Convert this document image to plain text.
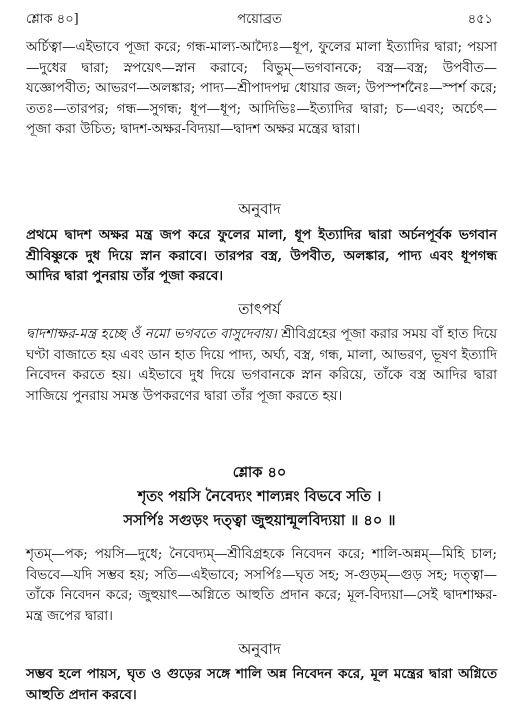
শ্লোক ৪০]	পয়োব্রত	৪৫১

অর্চিত্বা—এইভাবে পূজা করে; গন্ধ-মাল্য-আদ্যৈঃ—ধূপ, ফুলের মালা ইত্যাদির দ্বারা; পয়সা—দুধের দ্বারা; স্নপয়েৎ—স্নান করাবে; বিভুম্—ভগবানকে; বস্ত্র—বস্ত্র; উপবীত—যজ্ঞোপবীত; আভরণ—অলঙ্কার; পাদ্য—শ্রীপাদপদ্ম ধোয়ার জল; উপস্পর্শনৈঃ—স্পর্শ করে; ততঃ—তারপর; গন্ধ—সুগন্ধ; ধূপ—ধূপ; আদিভিঃ—ইত্যাদির দ্বারা; চ—এবং; অর্চেৎ—পূজা করা উচিত; দ্বাদশ-অক্ষর-বিদ্যয়া—দ্বাদশ অক্ষর মন্ত্রের দ্বারা।

অনুবাদ

প্রথমে দ্বাদশ অক্ষর মন্ত্র জপ করে ফুলের মালা, ধূপ ইত্যাদির দ্বারা অর্চনপূর্বক ভগবান শ্রীবিষ্ণুকে দুধ দিয়ে স্নান করাবে। তারপর বস্ত্র, উপবীত, অলঙ্কার, পাদ্য এবং ধূপগন্ধ আদির দ্বারা পুনরায় তাঁর পূজা করবে।

তাৎপর্য

দ্বাদশাক্ষর-মন্ত্র হচ্ছে ওঁ নমো ভগবতে বাসুদেবায়। শ্রীবিগ্রহের পূজা করার সময় বাঁ হাত দিয়ে ঘণ্টা বাজাতে হয় এবং ডান হাত দিয়ে পাদ্য, অর্ঘ্য, বস্ত্র, গন্ধ, মালা, আভরণ, ভূষণ ইত্যাদি নিবেদন করতে হয়। এইভাবে দুধ দিয়ে ভগবানকে স্নান করিয়ে, তাঁকে বস্ত্র আদির দ্বারা সাজিয়ে পুনরায় সমস্ত উপকরণের দ্বারা তাঁর পূজা করতে হয়।

শ্লোক ৪০
শৃতং পয়সি নৈবেদ্যং শাল্যন্নং বিভবে সতি ।
সসর্পিঃ সগুড়ং দত্ত্বা জুহুয়ান্মূলবিদ্যয়া ॥ ৪০ ॥

শৃতম্—পক; পয়সি—দুধে; নৈবেদ্যম্—শ্রীবিগ্রহকে নিবেদন করে; শালি-অন্নম্—মিহি চাল; বিভবে—যদি সম্ভব হয়; সতি—এইভাবে; সসর্পিঃ—ঘৃত সহ; স-গুড়ম্—গুড় সহ; দত্ত্বা—তাঁকে নিবেদন করে; জুহুয়াৎ—অগ্নিতে আহুতি প্রদান করে; মূল-বিদ্যয়া—সেই দ্বাদশাক্ষর-মন্ত্র জপের দ্বারা।

অনুবাদ

সম্ভব হলে পায়স, ঘৃত ও গুড়ের সঙ্গে শালি অন্ন নিবেদন করে, মূল মন্ত্রের দ্বারা অগ্নিতে আহুতি প্রদান করবে।
